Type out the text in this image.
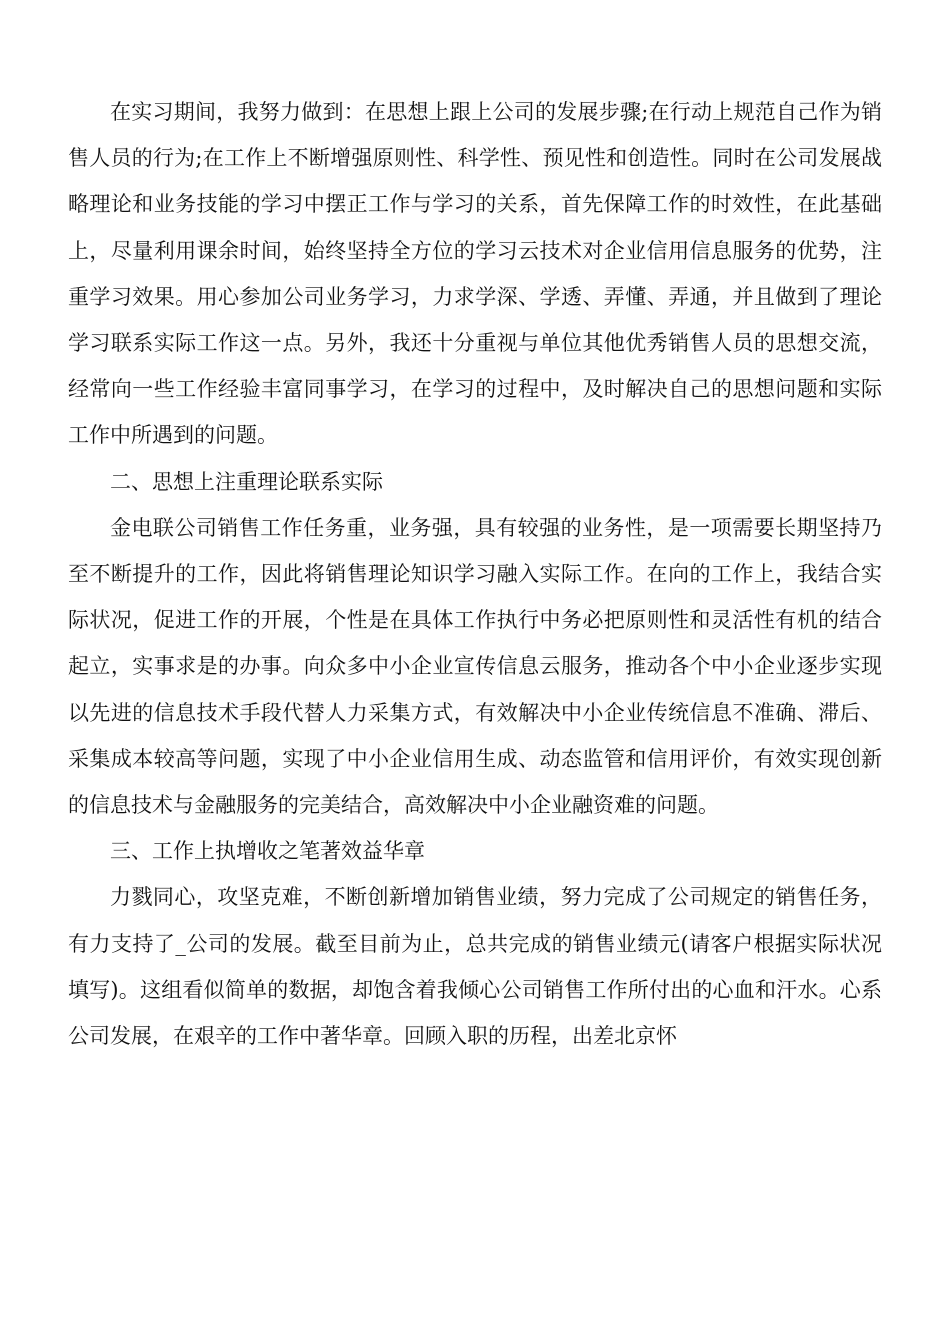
在实习期间，我努力做到：在思想上跟上公司的发展步骤;在行动上规范自己作为销售人员的行为;在工作上不断增强原则性、科学性、预见性和创造性。同时在公司发展战略理论和业务技能的学习中摆正工作与学习的关系，首先保障工作的时效性，在此基础上，尽量利用课余时间，始终坚持全方位的学习云技术对企业信用信息服务的优势，注重学习效果。用心参加公司业务学习，力求学深、学透、弄懂、弄通，并且做到了理论学习联系实际工作这一点。另外，我还十分重视与单位其他优秀销售人员的思想交流，经常向一些工作经验丰富同事学习，在学习的过程中，及时解决自己的思想问题和实际工作中所遇到的问题。

二、思想上注重理论联系实际

金电联公司销售工作任务重，业务强，具有较强的业务性，是一项需要长期坚持乃至不断提升的工作，因此将销售理论知识学习融入实际工作。在向的工作上，我结合实际状况，促进工作的开展，个性是在具体工作执行中务必把原则性和灵活性有机的结合起立，实事求是的办事。向众多中小企业宣传信息云服务，推动各个中小企业逐步实现以先进的信息技术手段代替人力采集方式，有效解决中小企业传统信息不准确、滞后、采集成本较高等问题，实现了中小企业信用生成、动态监管和信用评价，有效实现创新的信息技术与金融服务的完美结合，高效解决中小企业融资难的问题。

三、工作上执增收之笔著效益华章

力戮同心，攻坚克难，不断创新增加销售业绩，努力完成了公司规定的销售任务，有力支持了_公司的发展。截至目前为止，总共完成的销售业绩元(请客户根据实际状况填写)。这组看似简单的数据，却饱含着我倾心公司销售工作所付出的心血和汗水。心系公司发展，在艰辛的工作中著华章。回顾入职的历程，出差北京怀
